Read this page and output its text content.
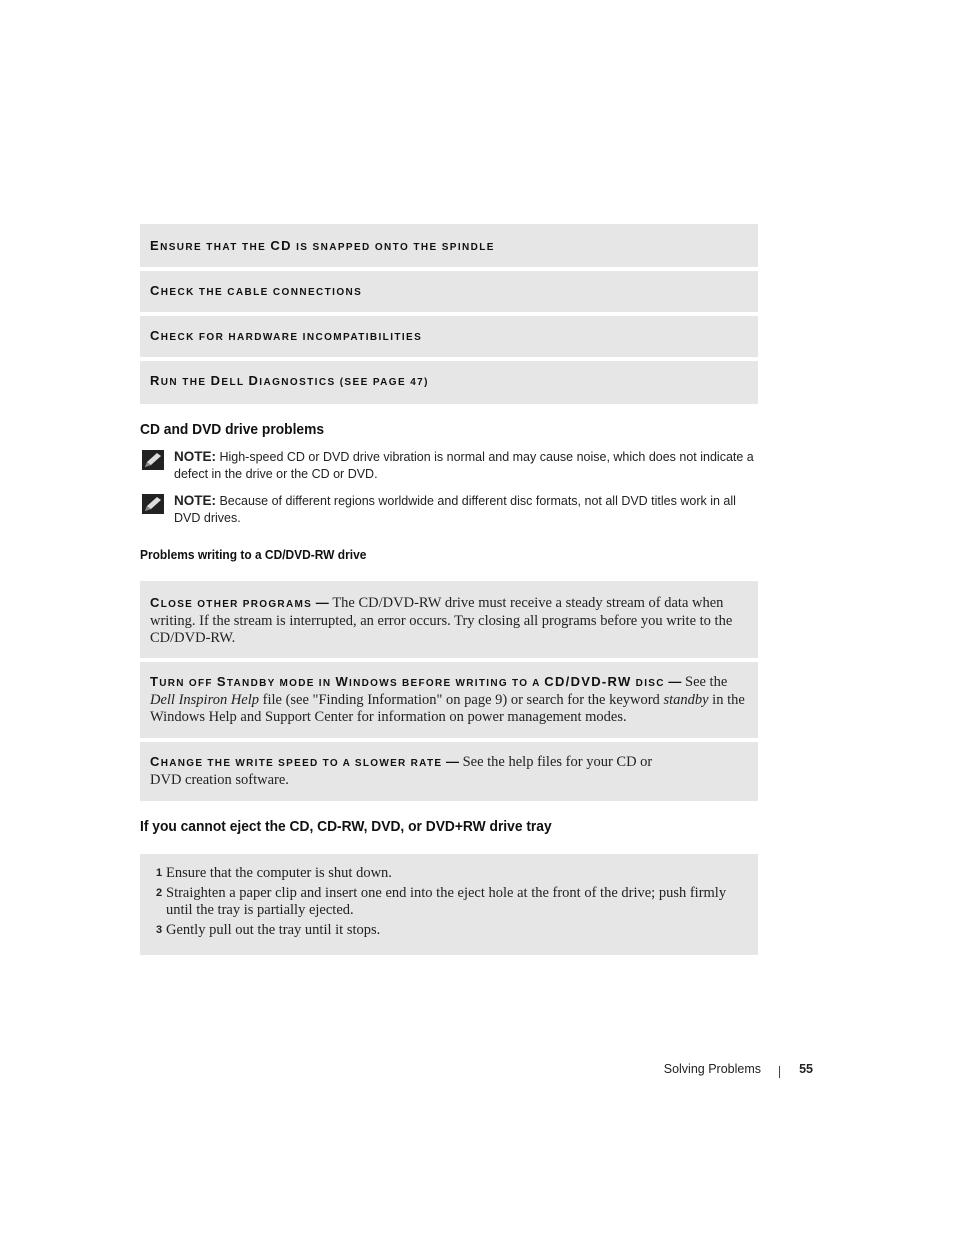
ENSURE THAT THE CD IS SNAPPED ONTO THE SPINDLE
CHECK THE CABLE CONNECTIONS
CHECK FOR HARDWARE INCOMPATIBILITIES
RUN THE DELL DIAGNOSTICS (SEE PAGE 47)
CD and DVD drive problems
NOTE: High-speed CD or DVD drive vibration is normal and may cause noise, which does not indicate a defect in the drive or the CD or DVD.
NOTE: Because of different regions worldwide and different disc formats, not all DVD titles work in all DVD drives.
Problems writing to a CD/DVD-RW drive
CLOSE OTHER PROGRAMS — The CD/DVD-RW drive must receive a steady stream of data when writing. If the stream is interrupted, an error occurs. Try closing all programs before you write to the CD/DVD-RW.
TURN OFF STANDBY MODE IN WINDOWS BEFORE WRITING TO A CD/DVD-RW DISC — See the Dell Inspiron Help file (see "Finding Information" on page 9) or search for the keyword standby in the Windows Help and Support Center for information on power management modes.
CHANGE THE WRITE SPEED TO A SLOWER RATE — See the help files for your CD or DVD creation software.
If you cannot eject the CD, CD-RW, DVD, or DVD+RW drive tray
1 Ensure that the computer is shut down.
2 Straighten a paper clip and insert one end into the eject hole at the front of the drive; push firmly until the tray is partially ejected.
3 Gently pull out the tray until it stops.
Solving Problems	55
